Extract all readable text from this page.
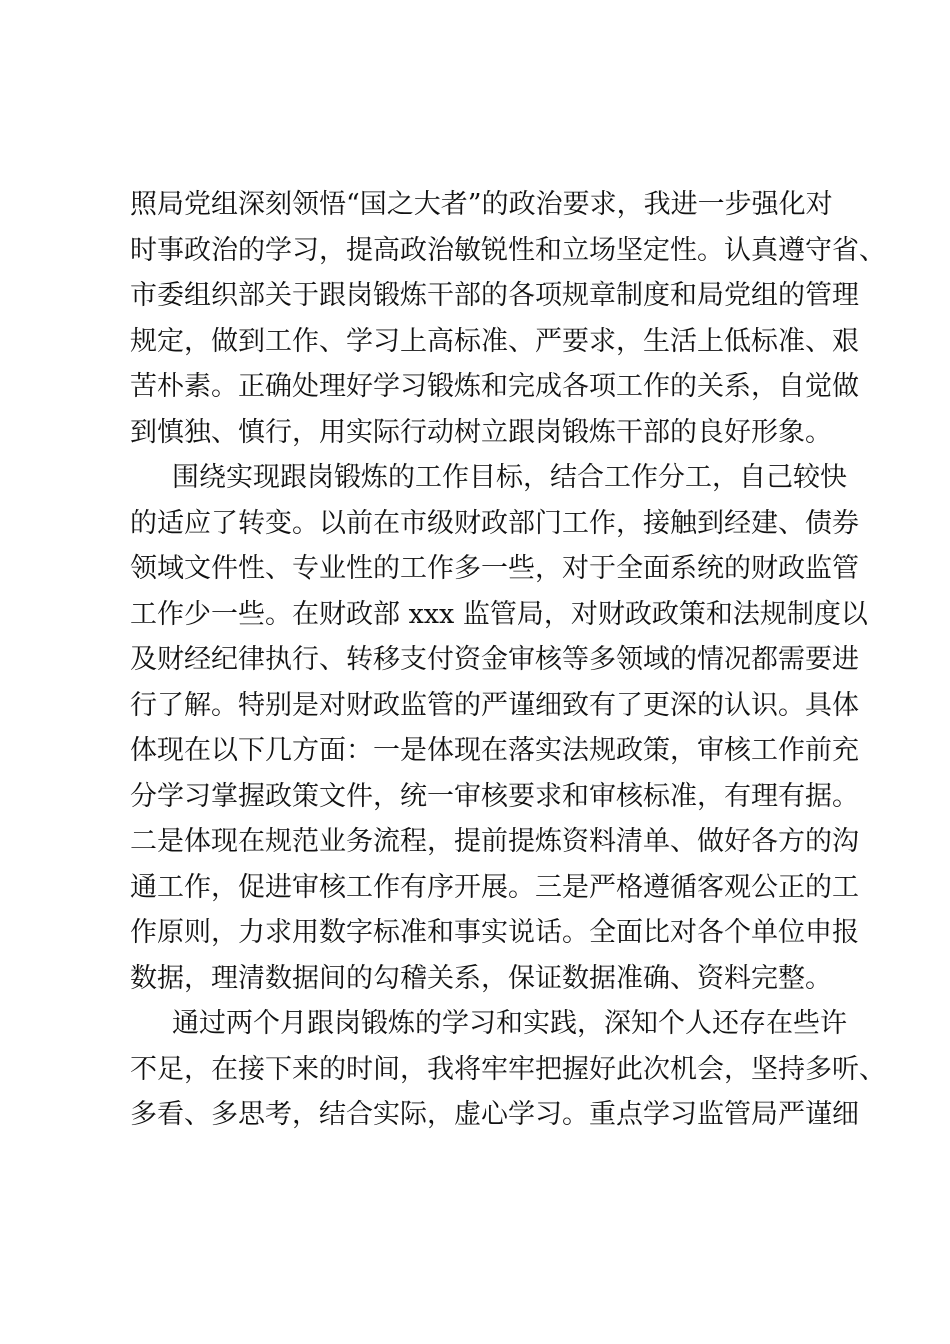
照局党组深刻领悟“国之大者”的政治要求，我进一步强化对
时事政治的学习，提高政治敏锐性和立场坚定性。认真遵守省、
市委组织部关于跟岗锻炼干部的各项规章制度和局党组的管理
规定，做到工作、学习上高标准、严要求，生活上低标准、艰
苦朴素。正确处理好学习锻炼和完成各项工作的关系，自觉做
到慎独、慎行，用实际行动树立跟岗锻炼干部的良好形象。

围绕实现跟岗锻炼的工作目标，结合工作分工，自己较快
的适应了转变。以前在市级财政部门工作，接触到经建、债券
领域文件性、专业性的工作多一些，对于全面系统的财政监管
工作少一些。在财政部 xxx 监管局，对财政政策和法规制度以
及财经纪律执行、转移支付资金审核等多领域的情况都需要进
行了解。特别是对财政监管的严谨细致有了更深的认识。具体
体现在以下几方面：一是体现在落实法规政策，审核工作前充
分学习掌握政策文件，统一审核要求和审核标准，有理有据。
二是体现在规范业务流程，提前提炼资料清单、做好各方的沟
通工作，促进审核工作有序开展。三是严格遵循客观公正的工
作原则，力求用数字标准和事实说话。全面比对各个单位申报
数据，理清数据间的勾稽关系，保证数据准确、资料完整。

通过两个月跟岗锻炼的学习和实践，深知个人还存在些许
不足，在接下来的时间，我将牢牢把握好此次机会，坚持多听、
多看、多思考，结合实际，虚心学习。重点学习监管局严谨细
